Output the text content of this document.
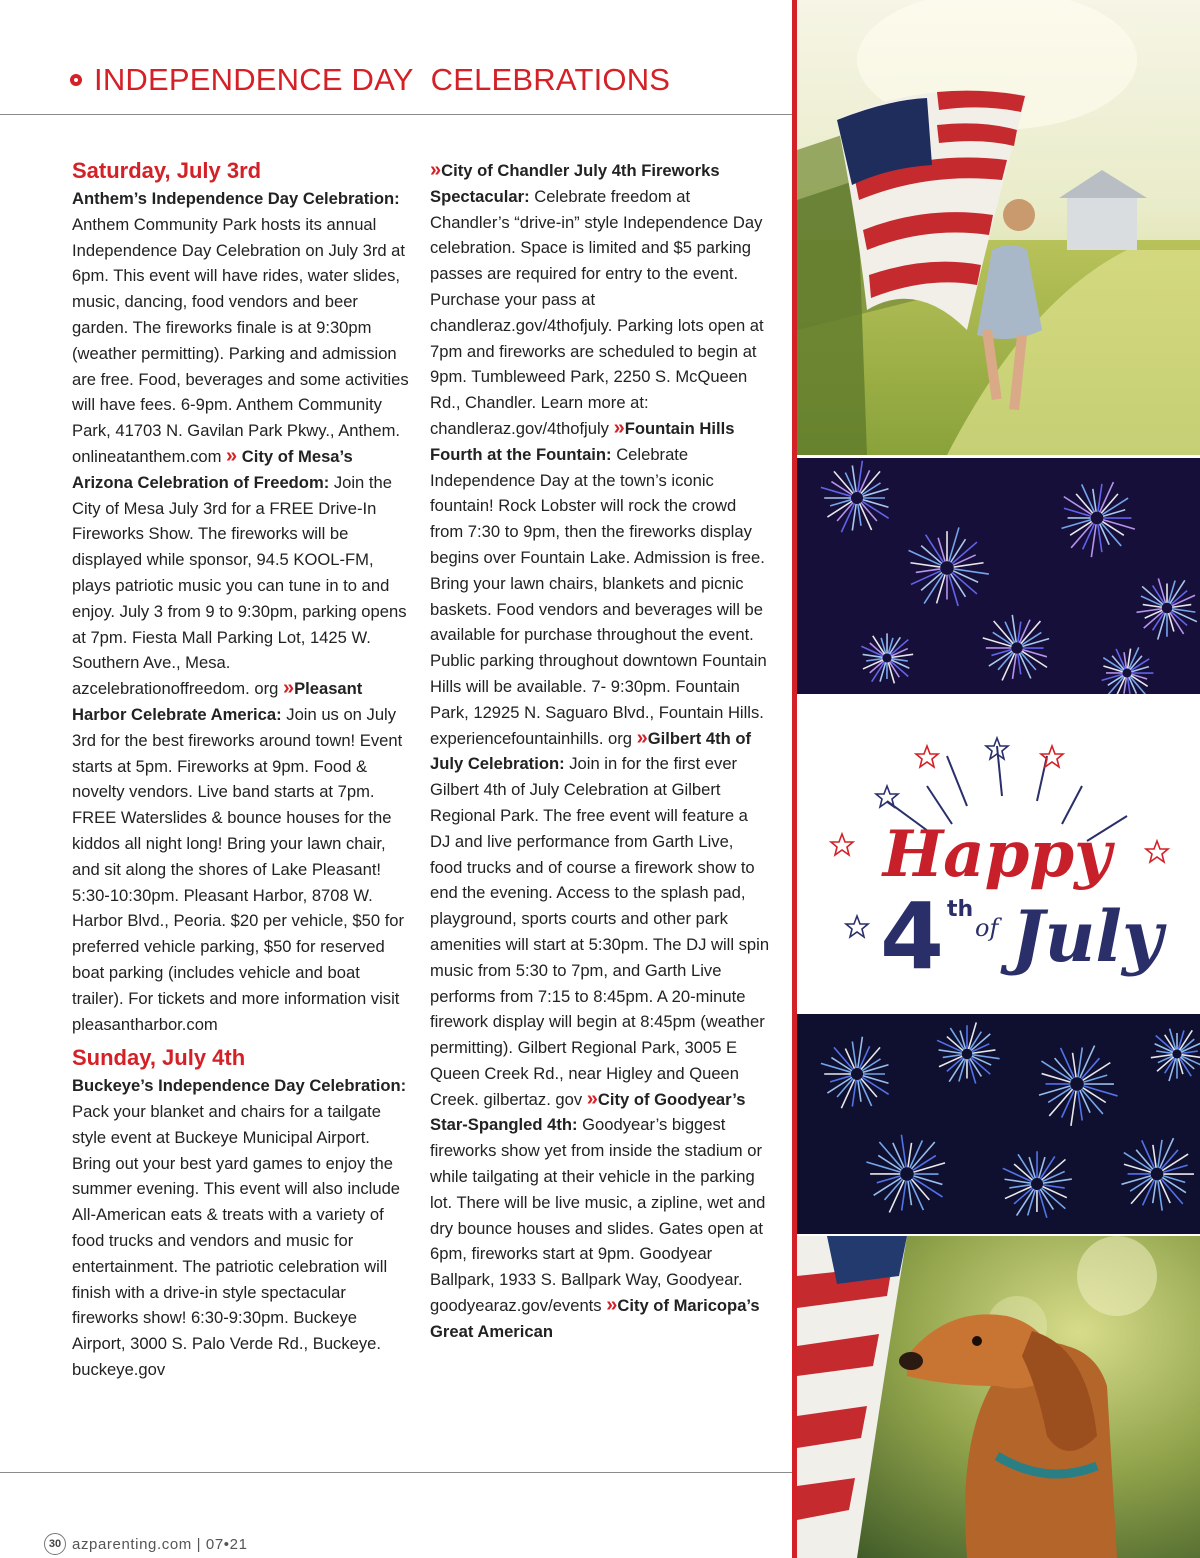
INDEPENDENCE DAY  CELEBRATIONS
Saturday, July 3rd

Anthem’s Independence Day Celebration: Anthem Community Park hosts its annual Independence Day Celebration on July 3rd at 6pm. This event will have rides, water slides, music, dancing, food vendors and beer garden. The fireworks finale is at 9:30pm (weather permitting). Parking and admission are free. Food, beverages and some activities will have fees. 6-9pm. Anthem Community Park, 41703 N. Gavilan Park Pkwy., Anthem. onlineatanthem.com » City of Mesa’s Arizona Celebration of Freedom: Join the City of Mesa July 3rd for a FREE Drive-In Fireworks Show. The fireworks will be displayed while sponsor, 94.5 KOOL-FM, plays patriotic music you can tune in to and enjoy. July 3 from 9 to 9:30pm, parking opens at 7pm. Fiesta Mall Parking Lot, 1425 W. Southern Ave., Mesa. azcelebrationoffreedom. org »Pleasant Harbor Celebrate America: Join us on July 3rd for the best fireworks around town! Event starts at 5pm. Fireworks at 9pm. Food & novelty vendors. Live band starts at 7pm. FREE Waterslides & bounce houses for the kiddos all night long! Bring your lawn chair, and sit along the shores of Lake Pleasant! 5:30-10:30pm. Pleasant Harbor, 8708 W. Harbor Blvd., Peoria. $20 per vehicle, $50 for preferred vehicle parking, $50 for reserved boat parking (includes vehicle and boat trailer). For tickets and more information visit pleasantharbor.com

Sunday, July 4th

Buckeye’s Independence Day Celebration: Pack your blanket and chairs for a tailgate style event at Buckeye Municipal Airport. Bring out your best yard games to enjoy the summer evening. This event will also include All-American eats & treats with a variety of food trucks and vendors and music for entertainment. The patriotic celebration will finish with a drive-in style spectacular fireworks show! 6:30-9:30pm. Buckeye Airport, 3000 S. Palo Verde Rd., Buckeye. buckeye.gov

»City of Chandler July 4th Fireworks Spectacular: Celebrate freedom at Chandler’s “drive-in” style Independence Day celebration. Space is limited and $5 parking passes are required for entry to the event. Purchase your pass at chandleraz.gov/4thofjuly. Parking lots open at 7pm and fireworks are scheduled to begin at 9pm. Tumbleweed Park, 2250 S. McQueen Rd., Chandler. Learn more at: chandleraz.gov/4thofjuly »Fountain Hills Fourth at the Fountain: Celebrate Independence Day at the town’s iconic fountain! Rock Lobster will rock the crowd from 7:30 to 9pm, then the fireworks display begins over Fountain Lake. Admission is free. Bring your lawn chairs, blankets and picnic baskets. Food vendors and beverages will be available for purchase throughout the event. Public parking throughout downtown Fountain Hills will be available. 7- 9:30pm. Fountain Park, 12925 N. Saguaro Blvd., Fountain Hills. experiencefountainhills. org »Gilbert 4th of July Celebration: Join in for the first ever Gilbert 4th of July Celebration at Gilbert Regional Park. The free event will feature a DJ and live performance from Garth Live, food trucks and of course a firework show to end the evening. Access to the splash pad, playground, sports courts and other park amenities will start at 5:30pm. The DJ will spin music from 5:30 to 7pm, and Garth Live performs from 7:15 to 8:45pm. A 20-minute firework display will begin at 8:45pm (weather permitting). Gilbert Regional Park, 3005 E Queen Creek Rd., near Higley and Queen Creek. gilbertaz. gov »City of Goodyear’s Star-Spangled 4th: Goodyear’s biggest fireworks show yet from inside the stadium or while tailgating at their vehicle in the parking lot. There will be live music, a zipline, wet and dry bounce houses and slides. Gates open at 6pm, fireworks start at 9pm. Goodyear Ballpark, 1933 S. Ballpark Way, Goodyear. goodyearaz.gov/events »City of Maricopa’s Great American

30 azparenting.com | 07•21
Happy
4 th
of July
